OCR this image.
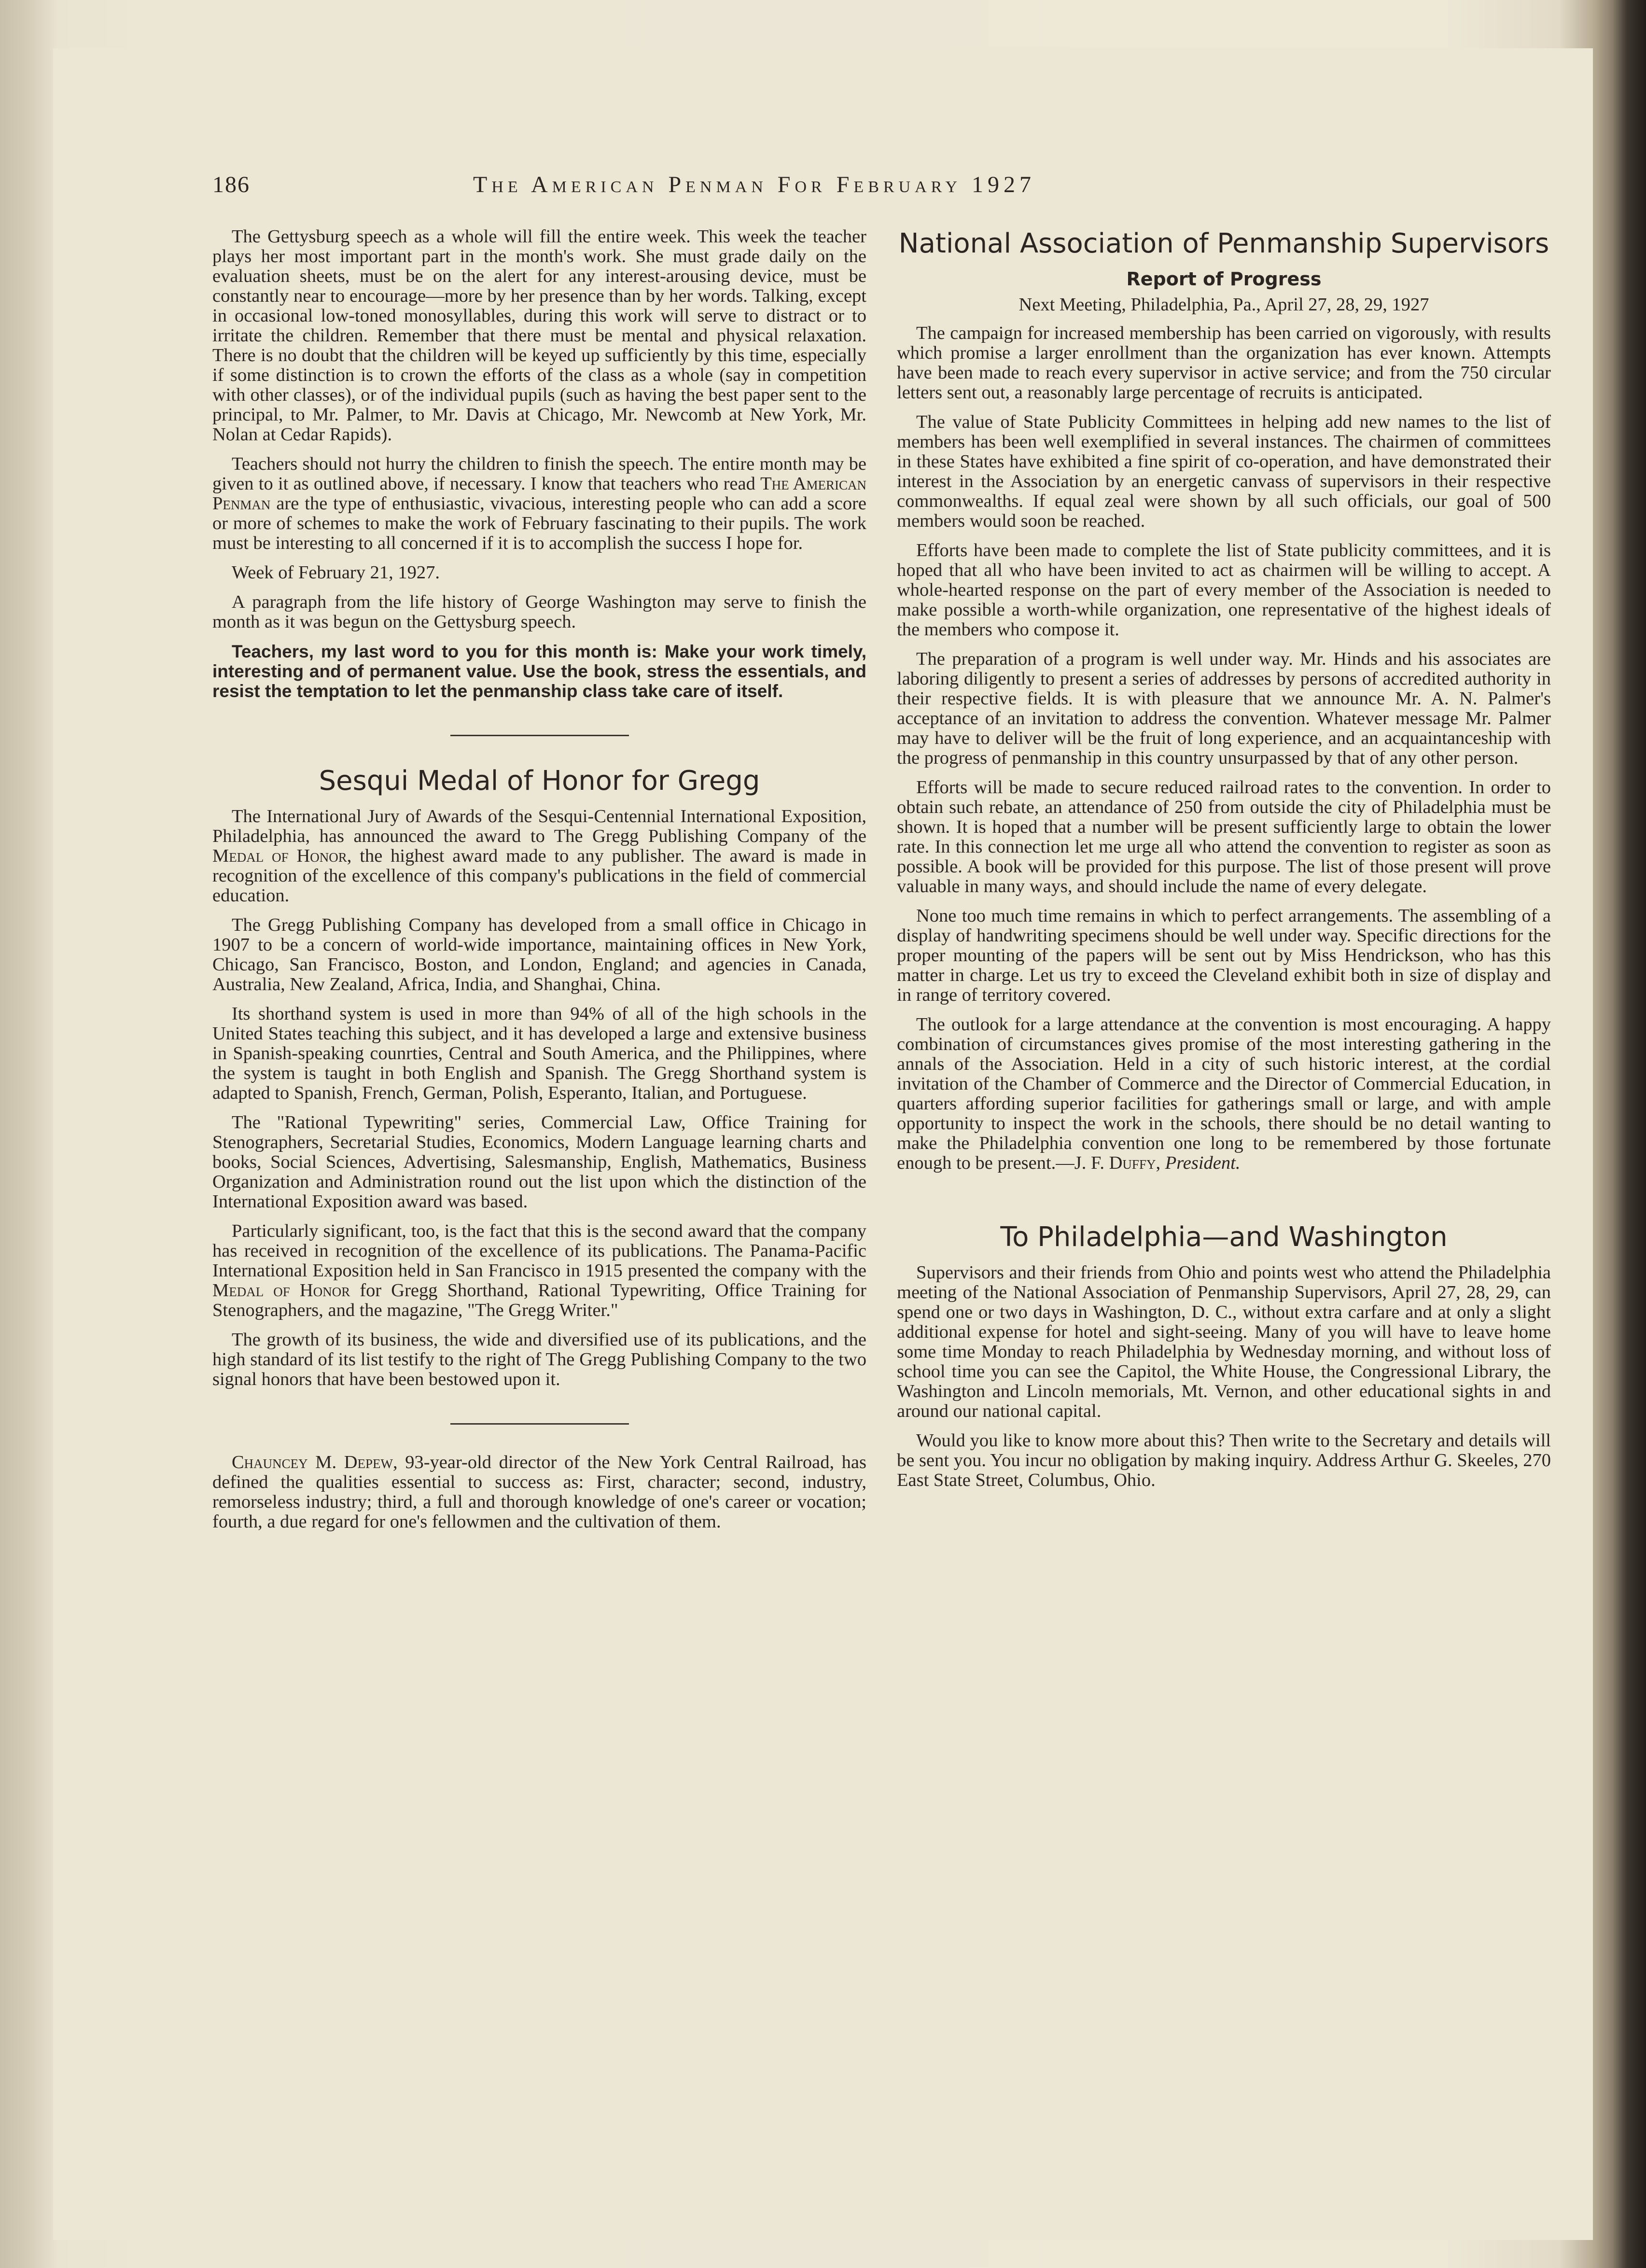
186	The American Penman For February 1927

The Gettysburg speech as a whole will fill the entire week. This week the teacher plays her most important part in the month's work. She must grade daily on the evaluation sheets, must be on the alert for any interest-arousing device, must be constantly near to encourage—more by her presence than by her words. Talking, except in occasional low-toned monosyllables, during this work will serve to distract or to irritate the children. Remember that there must be mental and physical relaxation. There is no doubt that the children will be keyed up sufficiently by this time, especially if some distinction is to crown the efforts of the class as a whole (say in competition with other classes), or of the individual pupils (such as having the best paper sent to the principal, to Mr. Palmer, to Mr. Davis at Chicago, Mr. Newcomb at New York, Mr. Nolan at Cedar Rapids).

Teachers should not hurry the children to finish the speech. The entire month may be given to it as outlined above, if necessary. I know that teachers who read The American Penman are the type of enthusiastic, vivacious, interesting people who can add a score or more of schemes to make the work of February fascinating to their pupils. The work must be interesting to all concerned if it is to accomplish the success I hope for.

Week of February 21, 1927.

A paragraph from the life history of George Washington may serve to finish the month as it was begun on the Gettysburg speech.

Teachers, my last word to you for this month is: Make your work timely, interesting and of permanent value. Use the book, stress the essentials, and resist the temptation to let the penmanship class take care of itself.

Sesqui Medal of Honor for Gregg

The International Jury of Awards of the Sesqui-Centennial International Exposition, Philadelphia, has announced the award to The Gregg Publishing Company of the Medal of Honor, the highest award made to any publisher. The award is made in recognition of the excellence of this company's publications in the field of commercial education.

The Gregg Publishing Company has developed from a small office in Chicago in 1907 to be a concern of world-wide importance, maintaining offices in New York, Chicago, San Francisco, Boston, and London, England; and agencies in Canada, Australia, New Zealand, Africa, India, and Shanghai, China.

Its shorthand system is used in more than 94% of all of the high schools in the United States teaching this subject, and it has developed a large and extensive business in Spanish-speaking counrties, Central and South America, and the Philippines, where the system is taught in both English and Spanish. The Gregg Shorthand system is adapted to Spanish, French, German, Polish, Esperanto, Italian, and Portuguese.

The "Rational Typewriting" series, Commercial Law, Office Training for Stenographers, Secretarial Studies, Economics, Modern Language learning charts and books, Social Sciences, Advertising, Salesmanship, English, Mathematics, Business Organization and Administration round out the list upon which the distinction of the International Exposition award was based.

Particularly significant, too, is the fact that this is the second award that the company has received in recognition of the excellence of its publications. The Panama-Pacific International Exposition held in San Francisco in 1915 presented the company with the Medal of Honor for Gregg Shorthand, Rational Typewriting, Office Training for Stenographers, and the magazine, "The Gregg Writer."

The growth of its business, the wide and diversified use of its publications, and the high standard of its list testify to the right of The Gregg Publishing Company to the two signal honors that have been bestowed upon it.

Chauncey M. Depew, 93-year-old director of the New York Central Railroad, has defined the qualities essential to success as: First, character; second, industry, remorseless industry; third, a full and thorough knowledge of one's career or vocation; fourth, a due regard for one's fellowmen and the cultivation of them.

National Association of Penmanship Supervisors
Report of Progress
Next Meeting, Philadelphia, Pa., April 27, 28, 29, 1927

The campaign for increased membership has been carried on vigorously, with results which promise a larger enrollment than the organization has ever known. Attempts have been made to reach every supervisor in active service; and from the 750 circular letters sent out, a reasonably large percentage of recruits is anticipated.

The value of State Publicity Committees in helping add new names to the list of members has been well exemplified in several instances. The chairmen of committees in these States have exhibited a fine spirit of co-operation, and have demonstrated their interest in the Association by an energetic canvass of supervisors in their respective commonwealths. If equal zeal were shown by all such officials, our goal of 500 members would soon be reached.

Efforts have been made to complete the list of State publicity committees, and it is hoped that all who have been invited to act as chairmen will be willing to accept. A whole-hearted response on the part of every member of the Association is needed to make possible a worth-while organization, one representative of the highest ideals of the members who compose it.

The preparation of a program is well under way. Mr. Hinds and his associates are laboring diligently to present a series of addresses by persons of accredited authority in their respective fields. It is with pleasure that we announce Mr. A. N. Palmer's acceptance of an invitation to address the convention. Whatever message Mr. Palmer may have to deliver will be the fruit of long experience, and an acquaintanceship with the progress of penmanship in this country unsurpassed by that of any other person.

Efforts will be made to secure reduced railroad rates to the convention. In order to obtain such rebate, an attendance of 250 from outside the city of Philadelphia must be shown. It is hoped that a number will be present sufficiently large to obtain the lower rate. In this connection let me urge all who attend the convention to register as soon as possible. A book will be provided for this purpose. The list of those present will prove valuable in many ways, and should include the name of every delegate.

None too much time remains in which to perfect arrangements. The assembling of a display of handwriting specimens should be well under way. Specific directions for the proper mounting of the papers will be sent out by Miss Hendrickson, who has this matter in charge. Let us try to exceed the Cleveland exhibit both in size of display and in range of territory covered.

The outlook for a large attendance at the convention is most encouraging. A happy combination of circumstances gives promise of the most interesting gathering in the annals of the Association. Held in a city of such historic interest, at the cordial invitation of the Chamber of Commerce and the Director of Commercial Education, in quarters affording superior facilities for gatherings small or large, and with ample opportunity to inspect the work in the schools, there should be no detail wanting to make the Philadelphia convention one long to be remembered by those fortunate enough to be present.—J. F. Duffy, President.

To Philadelphia—and Washington

Supervisors and their friends from Ohio and points west who attend the Philadelphia meeting of the National Association of Penmanship Supervisors, April 27, 28, 29, can spend one or two days in Washington, D. C., without extra carfare and at only a slight additional expense for hotel and sight-seeing. Many of you will have to leave home some time Monday to reach Philadelphia by Wednesday morning, and without loss of school time you can see the Capitol, the White House, the Congressional Library, the Washington and Lincoln memorials, Mt. Vernon, and other educational sights in and around our national capital.

Would you like to know more about this? Then write to the Secretary and details will be sent you. You incur no obligation by making inquiry. Address Arthur G. Skeeles, 270 East State Street, Columbus, Ohio.
